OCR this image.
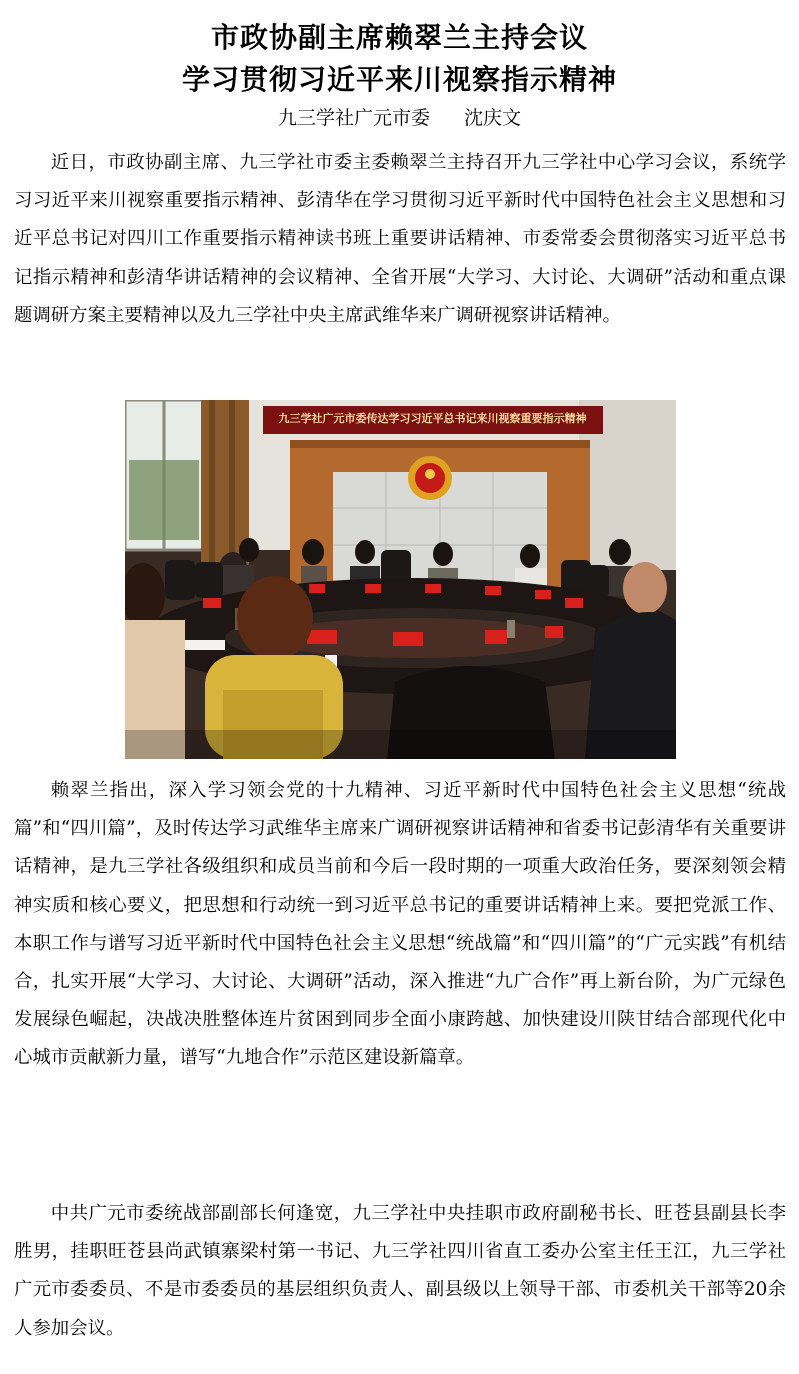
市政协副主席赖翠兰主持会议
学习贯彻习近平来川视察指示精神
九三学社广元市委 沈庆文

近日，市政协副主席、九三学社市委主委赖翠兰主持召开九三学社中心学习会议，系统学习习近平来川视察重要指示精神、彭清华在学习贯彻习近平新时代中国特色社会主义思想和习近平总书记对四川工作重要指示精神读书班上重要讲话精神、市委常委会贯彻落实习近平总书记指示精神和彭清华讲话精神的会议精神、全省开展“大学习、大讨论、大调研”活动和重点课题调研方案主要精神以及九三学社中央主席武维华来广调研视察讲话精神。

九三学社广元市委传达学习习近平总书记来川视察重要指示精神

赖翠兰指出，深入学习领会党的十九精神、习近平新时代中国特色社会主义思想“统战篇”和“四川篇”，及时传达学习武维华主席来广调研视察讲话精神和省委书记彭清华有关重要讲话精神，是九三学社各级组织和成员当前和今后一段时期的一项重大政治任务，要深刻领会精神实质和核心要义，把思想和行动统一到习近平总书记的重要讲话精神上来。要把党派工作、本职工作与谱写习近平新时代中国特色社会主义思想“统战篇”和“四川篇”的“广元实践”有机结合，扎实开展“大学习、大讨论、大调研”活动，深入推进“九广合作”再上新台阶，为广元绿色发展绿色崛起，决战决胜整体连片贫困到同步全面小康跨越、加快建设川陕甘结合部现代化中心城市贡献新力量，谱写“九地合作”示范区建设新篇章。

中共广元市委统战部副部长何逢宽，九三学社中央挂职市政府副秘书长、旺苍县副县长李胜男，挂职旺苍县尚武镇寨梁村第一书记、九三学社四川省直工委办公室主任王江，九三学社广元市委委员、不是市委委员的基层组织负责人、副县级以上领导干部、市委机关干部等20余人参加会议。
